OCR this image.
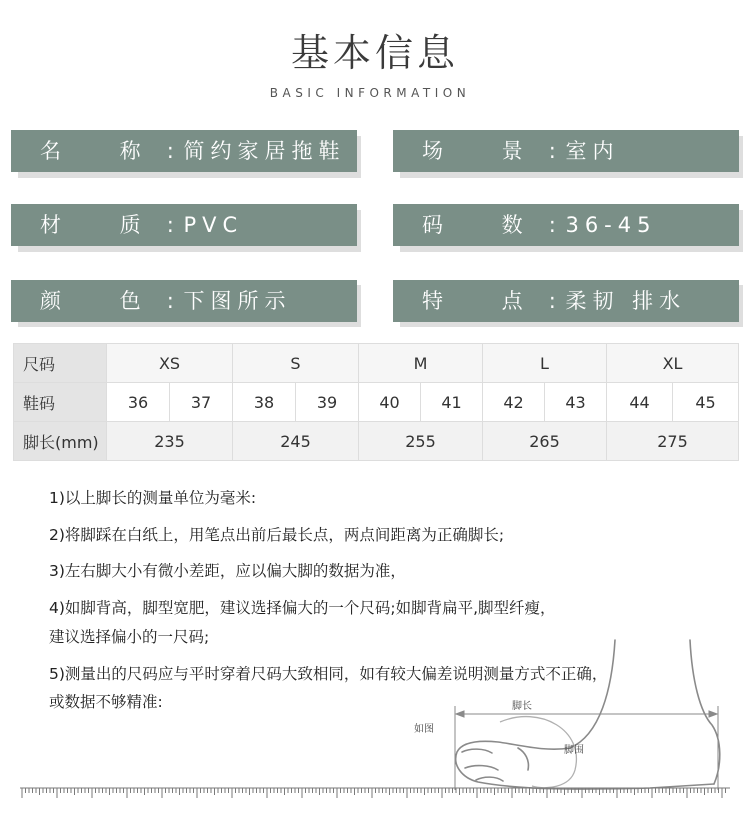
基本信息
BASIC INFORMATION
名 称: 简约家居拖鞋	场 景: 室内
材 质: PVC	码 数: 36-45
颜 色: 下图所示	特 点: 柔韧 排水
尺码	XS		S		M		L		XL	
鞋码	36	37	38	39	40	41	42	43	44	45
脚长(mm)	235		245		255		265		275	
1)以上脚长的测量单位为毫米:
2)将脚踩在白纸上，用笔点出前后最长点，两点间距离为正确脚长;
3)左右脚大小有微小差距，应以偏大脚的数据为准，
4)如脚背高，脚型宽肥，建议选择偏大的一个尺码;如脚背扁平,脚型纤瘦，
建议选择偏小的一尺码;
5)测量出的尺码应与平时穿着尺码大致相同，如有较大偏差说明测量方式不正确，
或数据不够精准:	脚长
如图
脚围
